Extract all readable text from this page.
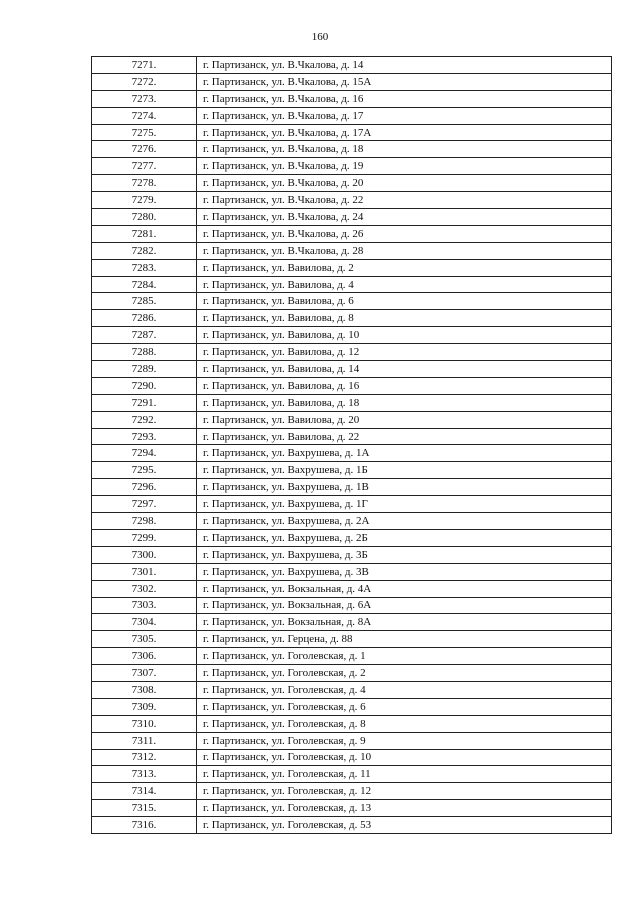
160
7271.	г. Партизанск, ул. В.Чкалова, д. 14
7272.	г. Партизанск, ул. В.Чкалова, д. 15А
7273.	г. Партизанск, ул. В.Чкалова, д. 16
7274.	г. Партизанск, ул. В.Чкалова, д. 17
7275.	г. Партизанск, ул. В.Чкалова, д. 17А
7276.	г. Партизанск, ул. В.Чкалова, д. 18
7277.	г. Партизанск, ул. В.Чкалова, д. 19
7278.	г. Партизанск, ул. В.Чкалова, д. 20
7279.	г. Партизанск, ул. В.Чкалова, д. 22
7280.	г. Партизанск, ул. В.Чкалова, д. 24
7281.	г. Партизанск, ул. В.Чкалова, д. 26
7282.	г. Партизанск, ул. В.Чкалова, д. 28
7283.	г. Партизанск, ул. Вавилова, д. 2
7284.	г. Партизанск, ул. Вавилова, д. 4
7285.	г. Партизанск, ул. Вавилова, д. 6
7286.	г. Партизанск, ул. Вавилова, д. 8
7287.	г. Партизанск, ул. Вавилова, д. 10
7288.	г. Партизанск, ул. Вавилова, д. 12
7289.	г. Партизанск, ул. Вавилова, д. 14
7290.	г. Партизанск, ул. Вавилова, д. 16
7291.	г. Партизанск, ул. Вавилова, д. 18
7292.	г. Партизанск, ул. Вавилова, д. 20
7293.	г. Партизанск, ул. Вавилова, д. 22
7294.	г. Партизанск, ул. Вахрушева, д. 1А
7295.	г. Партизанск, ул. Вахрушева, д. 1Б
7296.	г. Партизанск, ул. Вахрушева, д. 1В
7297.	г. Партизанск, ул. Вахрушева, д. 1Г
7298.	г. Партизанск, ул. Вахрушева, д. 2А
7299.	г. Партизанск, ул. Вахрушева, д. 2Б
7300.	г. Партизанск, ул. Вахрушева, д. 3Б
7301.	г. Партизанск, ул. Вахрушева, д. 3В
7302.	г. Партизанск, ул. Вокзальная, д. 4А
7303.	г. Партизанск, ул. Вокзальная, д. 6А
7304.	г. Партизанск, ул. Вокзальная, д. 8А
7305.	г. Партизанск, ул. Герцена, д. 88
7306.	г. Партизанск, ул. Гоголевская, д. 1
7307.	г. Партизанск, ул. Гоголевская, д. 2
7308.	г. Партизанск, ул. Гоголевская, д. 4
7309.	г. Партизанск, ул. Гоголевская, д. 6
7310.	г. Партизанск, ул. Гоголевская, д. 8
7311.	г. Партизанск, ул. Гоголевская, д. 9
7312.	г. Партизанск, ул. Гоголевская, д. 10
7313.	г. Партизанск, ул. Гоголевская, д. 11
7314.	г. Партизанск, ул. Гоголевская, д. 12
7315.	г. Партизанск, ул. Гоголевская, д. 13
7316.	г. Партизанск, ул. Гоголевская, д. 53
